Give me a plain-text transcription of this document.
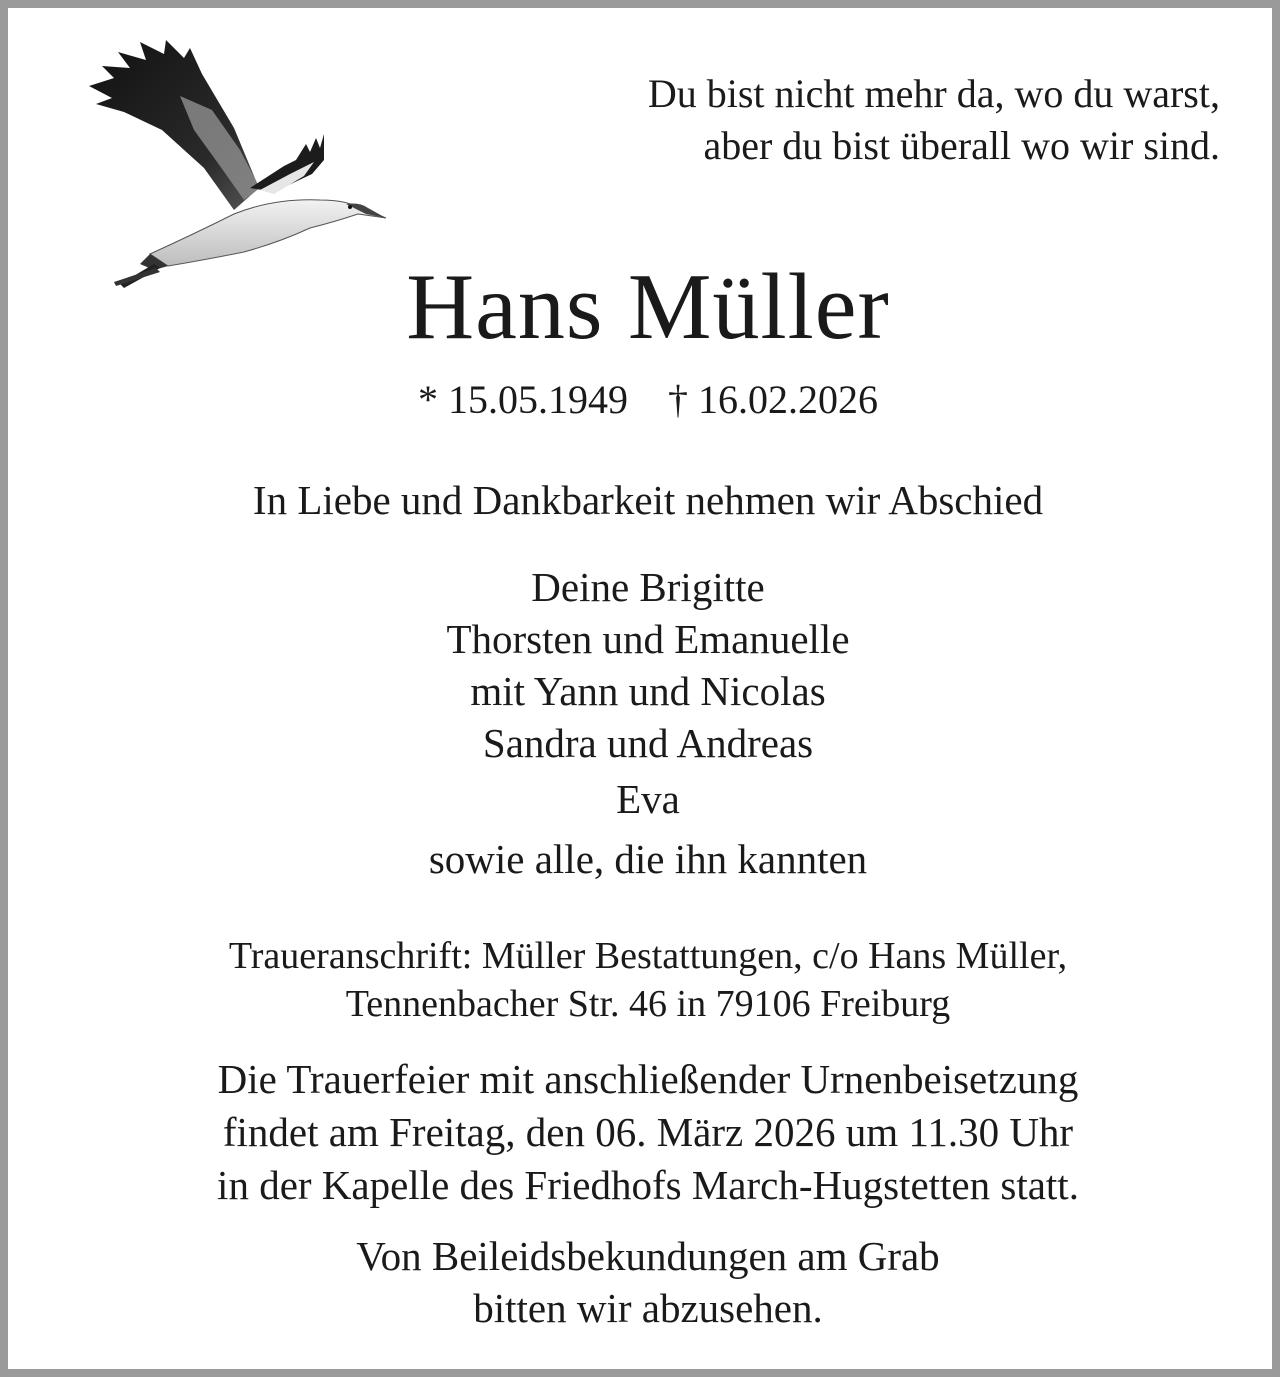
Du bist nicht mehr da, wo du warst,
aber du bist überall wo wir sind.
Hans Müller
* 15.05.1949 † 16.02.2026
In Liebe und Dankbarkeit nehmen wir Abschied
Deine Brigitte
Thorsten und Emanuelle
mit Yann und Nicolas
Sandra und Andreas
Eva
sowie alle, die ihn kannten
Traueranschrift: Müller Bestattungen, c/o Hans Müller,
Tennenbacher Str. 46 in 79106 Freiburg
Die Trauerfeier mit anschließender Urnenbeisetzung
findet am Freitag, den 06. März 2026 um 11.30 Uhr
in der Kapelle des Friedhofs March-Hugstetten statt.
Von Beileidsbekundungen am Grab
bitten wir abzusehen.
